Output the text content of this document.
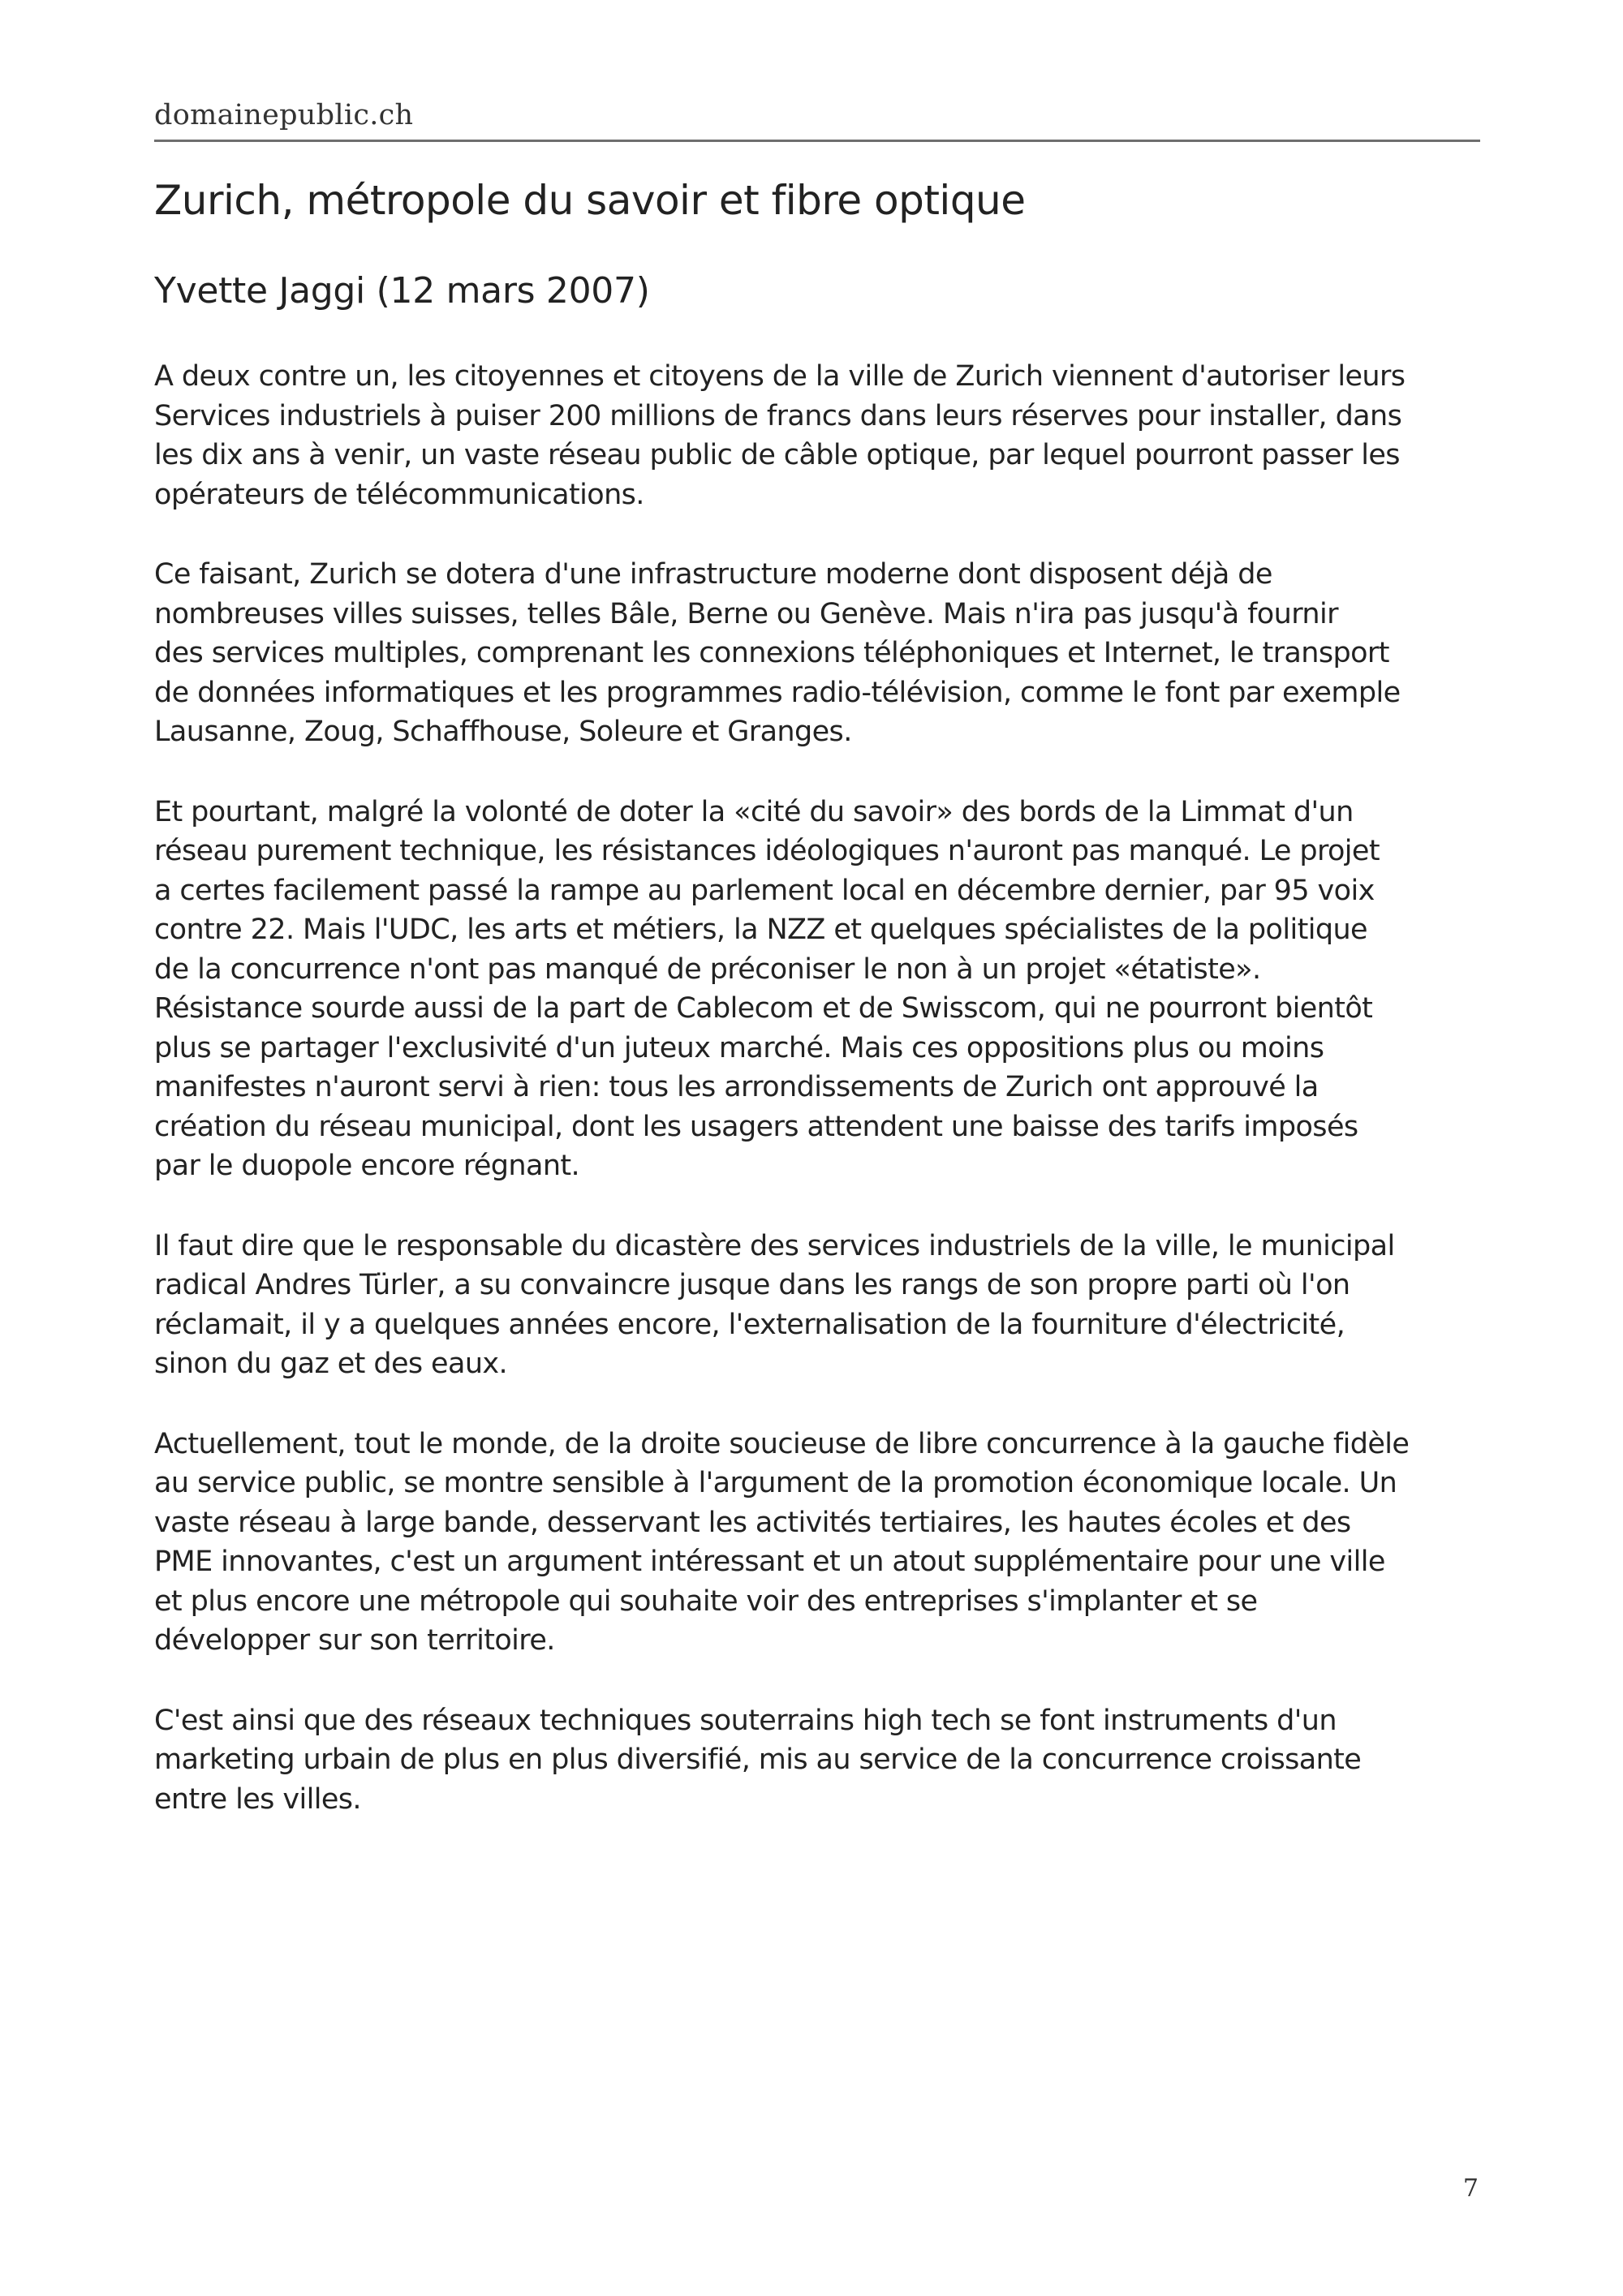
domainepublic.ch
Zurich, métropole du savoir et fibre optique
Yvette Jaggi (12 mars 2007)

A deux contre un, les citoyennes et citoyens de la ville de Zurich viennent d'autoriser leurs
Services industriels à puiser 200 millions de francs dans leurs réserves pour installer, dans
les dix ans à venir, un vaste réseau public de câble optique, par lequel pourront passer les
opérateurs de télécommunications.

Ce faisant, Zurich se dotera d'une infrastructure moderne dont disposent déjà de
nombreuses villes suisses, telles Bâle, Berne ou Genève. Mais n'ira pas jusqu'à fournir
des services multiples, comprenant les connexions téléphoniques et Internet, le transport
de données informatiques et les programmes radio-télévision, comme le font par exemple
Lausanne, Zoug, Schaffhouse, Soleure et Granges.

Et pourtant, malgré la volonté de doter la «cité du savoir» des bords de la Limmat d'un
réseau purement technique, les résistances idéologiques n'auront pas manqué. Le projet
a certes facilement passé la rampe au parlement local en décembre dernier, par 95 voix
contre 22. Mais l'UDC, les arts et métiers, la NZZ et quelques spécialistes de la politique
de la concurrence n'ont pas manqué de préconiser le non à un projet «étatiste».
Résistance sourde aussi de la part de Cablecom et de Swisscom, qui ne pourront bientôt
plus se partager l'exclusivité d'un juteux marché. Mais ces oppositions plus ou moins
manifestes n'auront servi à rien: tous les arrondissements de Zurich ont approuvé la
création du réseau municipal, dont les usagers attendent une baisse des tarifs imposés
par le duopole encore régnant.

Il faut dire que le responsable du dicastère des services industriels de la ville, le municipal
radical Andres Türler, a su convaincre jusque dans les rangs de son propre parti où l'on
réclamait, il y a quelques années encore, l'externalisation de la fourniture d'électricité,
sinon du gaz et des eaux.

Actuellement, tout le monde, de la droite soucieuse de libre concurrence à la gauche fidèle
au service public, se montre sensible à l'argument de la promotion économique locale. Un
vaste réseau à large bande, desservant les activités tertiaires, les hautes écoles et des
PME innovantes, c'est un argument intéressant et un atout supplémentaire pour une ville
et plus encore une métropole qui souhaite voir des entreprises s'implanter et se
développer sur son territoire.

C'est ainsi que des réseaux techniques souterrains high tech se font instruments d'un
marketing urbain de plus en plus diversifié, mis au service de la concurrence croissante
entre les villes.

7
